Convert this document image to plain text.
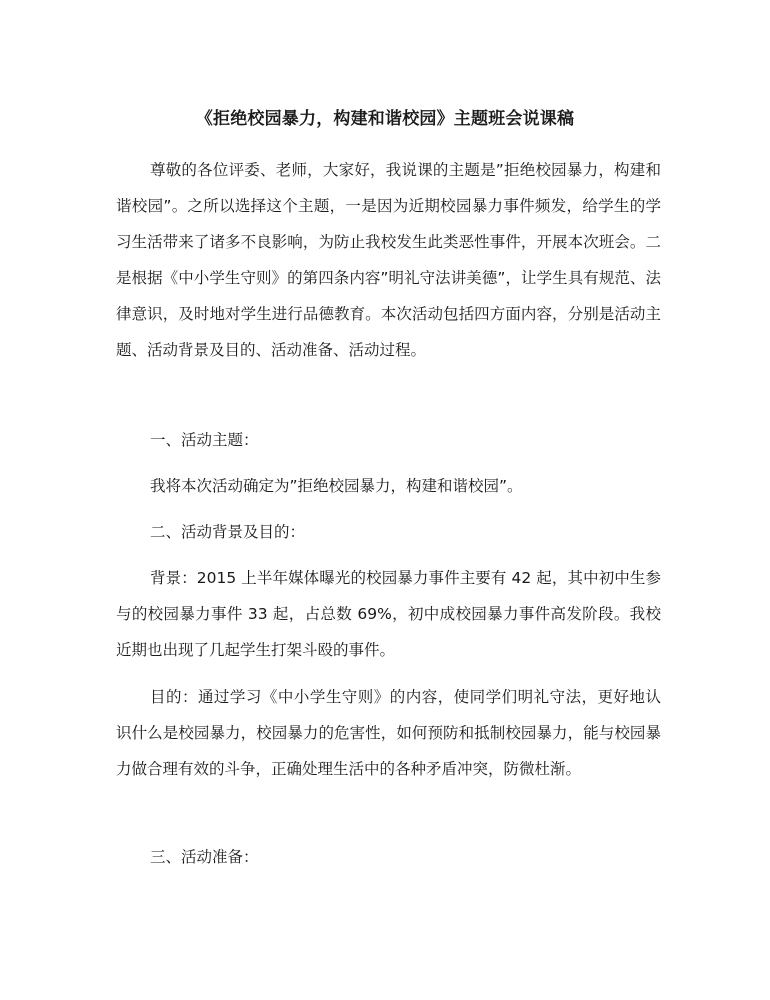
《拒绝校园暴力，构建和谐校园》主题班会说课稿
尊敬的各位评委、老师，大家好，我说课的主题是”拒绝校园暴力，构建和谐校园”。之所以选择这个主题，一是因为近期校园暴力事件频发，给学生的学习生活带来了诸多不良影响，为防止我校发生此类恶性事件，开展本次班会。二是根据《中小学生守则》的第四条内容”明礼守法讲美德”，让学生具有规范、法律意识，及时地对学生进行品德教育。本次活动包括四方面内容，分别是活动主题、活动背景及目的、活动准备、活动过程。
一、活动主题：
我将本次活动确定为”拒绝校园暴力，构建和谐校园”。
二、活动背景及目的：
背景：2015 上半年媒体曝光的校园暴力事件主要有 42 起，其中初中生参与的校园暴力事件 33 起，占总数 69%，初中成校园暴力事件高发阶段。我校近期也出现了几起学生打架斗殴的事件。
目的：通过学习《中小学生守则》的内容，使同学们明礼守法，更好地认识什么是校园暴力，校园暴力的危害性，如何预防和抵制校园暴力，能与校园暴力做合理有效的斗争，正确处理生活中的各种矛盾冲突，防微杜渐。
三、活动准备：
